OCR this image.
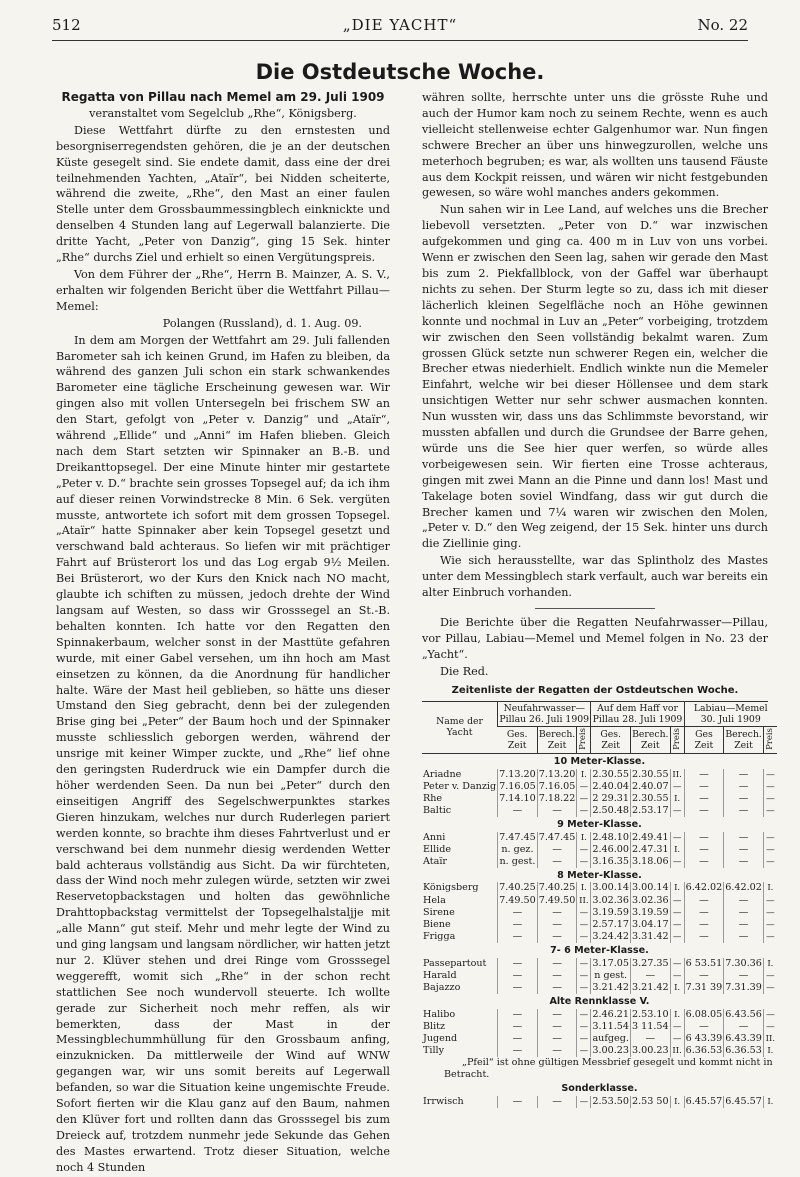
512	„DIE YACHT“	No. 22
Die Ostdeutsche Woche.

Regatta von Pillau nach Memel am 29. Juli 1909

veranstaltet vom Segelclub „Rhe“, Königsberg.

Diese Wettfahrt dürfte zu den ernstesten und besorgniserregendsten gehören, die je an der deutschen Küste gesegelt sind. Sie endete damit, dass eine der drei teilnehmenden Yachten, „Ataïr“, bei Nidden scheiterte, während die zweite, „Rhe“, den Mast an einer faulen Stelle unter dem Grossbaummessingblech einknickte und denselben 4 Stunden lang auf Legerwall balanzierte. Die dritte Yacht, „Peter von Danzig“, ging 15 Sek. hinter „Rhe“ durchs Ziel und erhielt so einen Vergütungspreis.

Von dem Führer der „Rhe“, Herrn B. Mainzer, A. S. V., erhalten wir folgenden Bericht über die Wettfahrt Pillau—Memel:

Polangen (Russland), d. 1. Aug. 09.

In dem am Morgen der Wettfahrt am 29. Juli fallenden Barometer sah ich keinen Grund, im Hafen zu bleiben, da während des ganzen Juli schon ein stark schwankendes Barometer eine tägliche Erscheinung gewesen war. Wir gingen also mit vollen Untersegeln bei frischem SW an den Start, gefolgt von „Peter v. Danzig“ und „Ataïr“, während „Ellide“ und „Anni“ im Hafen blieben. Gleich nach dem Start setzten wir Spinnaker an B.-B. und Dreikanttopsegel. Der eine Minute hinter mir gestartete „Peter v. D.“ brachte sein grosses Topsegel auf; da ich ihm auf dieser reinen Vorwindstrecke 8 Min. 6 Sek. vergüten musste, antwortete ich sofort mit dem grossen Topsegel. „Ataïr“ hatte Spinnaker aber kein Topsegel gesetzt und verschwand bald achteraus. So liefen wir mit prächtiger Fahrt auf Brüsterort los und das Log ergab 9½ Meilen. Bei Brüsterort, wo der Kurs den Knick nach NO macht, glaubte ich schiften zu müssen, jedoch drehte der Wind langsam auf Westen, so dass wir Grosssegel an St.-B. behalten konnten. Ich hatte vor den Regatten den Spinnakerbaum, welcher sonst in der Masttüte gefahren wurde, mit einer Gabel versehen, um ihn hoch am Mast einsetzen zu können, da die Anordnung für handlicher halte. Wäre der Mast heil geblieben, so hätte uns dieser Umstand den Sieg gebracht, denn bei der zulegenden Brise ging bei „Peter“ der Baum hoch und der Spinnaker musste schliesslich geborgen werden, während der unsrige mit keiner Wimper zuckte, und „Rhe“ lief ohne den geringsten Ruderdruck wie ein Dampfer durch die höher werdenden Seen. Da nun bei „Peter“ durch den einseitigen Angriff des Segelschwerpunktes starkes Gieren hinzukam, welches nur durch Ruderlegen pariert werden konnte, so brachte ihm dieses Fahrtverlust und er verschwand bei dem nunmehr diesig werdenden Wetter bald achteraus vollständig aus Sicht. Da wir fürchteten, dass der Wind noch mehr zulegen würde, setzten wir zwei Reservetopbackstagen und holten das gewöhnliche Drahttopbackstag vermittelst der Topsegelhalstaljje mit „alle Mann“ gut steif. Mehr und mehr legte der Wind zu und ging langsam und langsam nördlicher, wir hatten jetzt nur 2. Klüver stehen und drei Ringe vom Grosssegel weggerefft, womit sich „Rhe“ in der schon recht stattlichen See noch wundervoll steuerte. Ich wollte gerade zur Sicherheit noch mehr reffen, als wir bemerkten, dass der Mast in der Messingblechummhüllung für den Grossbaum anfing, einzuknicken. Da mittlerweile der Wind auf WNW gegangen war, wir uns somit bereits auf Legerwall befanden, so war die Situation keine ungemischte Freude. Sofort fierten wir die Klau ganz auf den Baum, nahmen den Klüver fort und rollten dann das Grosssegel bis zum Dreieck auf, trotzdem nunmehr jede Sekunde das Gehen des Mastes erwartend. Trotz dieser Situation, welche noch 4 Stunden

währen sollte, herrschte unter uns die grösste Ruhe und auch der Humor kam noch zu seinem Rechte, wenn es auch vielleicht stellenweise echter Galgenhumor war. Nun fingen schwere Brecher an über uns hinwegzurollen, welche uns meterhoch begruben; es war, als wollten uns tausend Fäuste aus dem Kockpit reissen, und wären wir nicht festgebunden gewesen, so wäre wohl manches anders gekommen.

Nun sahen wir in Lee Land, auf welches uns die Brecher liebevoll versetzten. „Peter von D.“ war inzwischen aufgekommen und ging ca. 400 m in Luv von uns vorbei. Wenn er zwischen den Seen lag, sahen wir gerade den Mast bis zum 2. Piekfallblock, von der Gaffel war überhaupt nichts zu sehen. Der Sturm legte so zu, dass ich mit dieser lächerlich kleinen Segelfläche noch an Höhe gewinnen konnte und nochmal in Luv an „Peter“ vorbeiging, trotzdem wir zwischen den Seen vollständig bekalmt waren. Zum grossen Glück setzte nun schwerer Regen ein, welcher die Brecher etwas niederhielt. Endlich winkte nun die Memeler Einfahrt, welche wir bei dieser Höllensee und dem stark unsichtigen Wetter nur sehr schwer ausmachen konnten. Nun wussten wir, dass uns das Schlimmste bevorstand, wir mussten abfallen und durch die Grundsee der Barre gehen, würde uns die See hier quer werfen, so würde alles vorbeigewesen sein. Wir fierten eine Trosse achteraus, gingen mit zwei Mann an die Pinne und dann los! Mast und Takelage boten soviel Windfang, dass wir gut durch die Brecher kamen und 7¼ waren wir zwischen den Molen, „Peter v. D.“ den Weg zeigend, der 15 Sek. hinter uns durch die Ziellinie ging.

Wie sich herausstellte, war das Splintholz des Mastes unter dem Messingblech stark verfault, auch war bereits ein alter Einbruch vorhanden.

Die Berichte über die Regatten Neufahrwasser—Pillau, vor Pillau, Labiau—Memel und Memel folgen in No. 23 der „Yacht“.

Die Red.

Zeitenliste der Regatten der Ostdeutschen Woche.
Name der Yacht	Neufahrwasser—Pillau 26. Juli 1909			Auf dem Haff vor Pillau 28. Juli 1909			Labiau—Memel 30. Juli 1909		
	Ges. Zeit	Berech. Zeit	Preis	Ges. Zeit	Berech. Zeit	Preis	Ges Zeit	Berech. Zeit	Preis
10 Meter-Klasse.									
Ariadne	7.13.20	7.13.20	I.	2.30.55	2.30.55	II.	—	—	—
Peter v. Danzig	7.16.05	7.16.05	—	2.40.04	2.40.07	—	—	—	—
Rhe	7.14.10	7.18.22	—	2 29.31	2.30.55	I.	—	—	—
Baltic	—	—	—	2.50.48	2.53.17	—	—	—	—
9 Meter-Klasse.									
Anni	7.47.45	7.47.45	I.	2.48.10	2.49.41	—	—	—	—
Ellide	n. gez.	—	—	2.46.00	2.47.31	I.	—	—	—
Ataïr	n. gest.	—	—	3.16.35	3.18.06	—	—	—	—
8 Meter-Klasse.									
Königsberg	7.40.25	7.40.25	I.	3.00.14	3.00.14	I.	6.42.02	6.42.02	I.
Hela	7.49.50	7.49.50	II.	3.02.36	3.02.36	—	—	—	—
Sirene	—	—	—	3.19.59	3.19.59	—	—	—	—
Biene	—	—	—	2.57.17	3.04.17	—	—	—	—
Frigga	—	—	—	3.24.42	3.31.42	—	—	—	—
7- 6 Meter-Klasse.									
Passepartout	—	—	—	3.17.05	3.27.35	—	6 53.51	7.30.36	I.
Harald	—	—	—	n gest.	—	—	—	—	—
Bajazzo	—	—	—	3.21.42	3.21.42	I.	7.31 39	7.31.39	—
Alte Rennklasse V.									
Halibo	—	—	—	2.46.21	2.53.10	I.	6.08.05	6.43.56	—
Blitz	—	—	—	3.11.54	3 11.54	—	—	—	—
Jugend	—	—	—	aufgeg.	—	—	6 43.39	6.43.39	II.
Tilly	—	—	—	3.00.23	3.00.23	II.	6.36.53	6.36.53	I.
„Pfeil“ ist ohne gültigen Messbrief gesegelt und kommt nicht in Betracht.									
Sonderklasse.									
Irrwisch	—	—	—	2.53.50	2.53 50	I.	6.45.57	6.45.57	I.
